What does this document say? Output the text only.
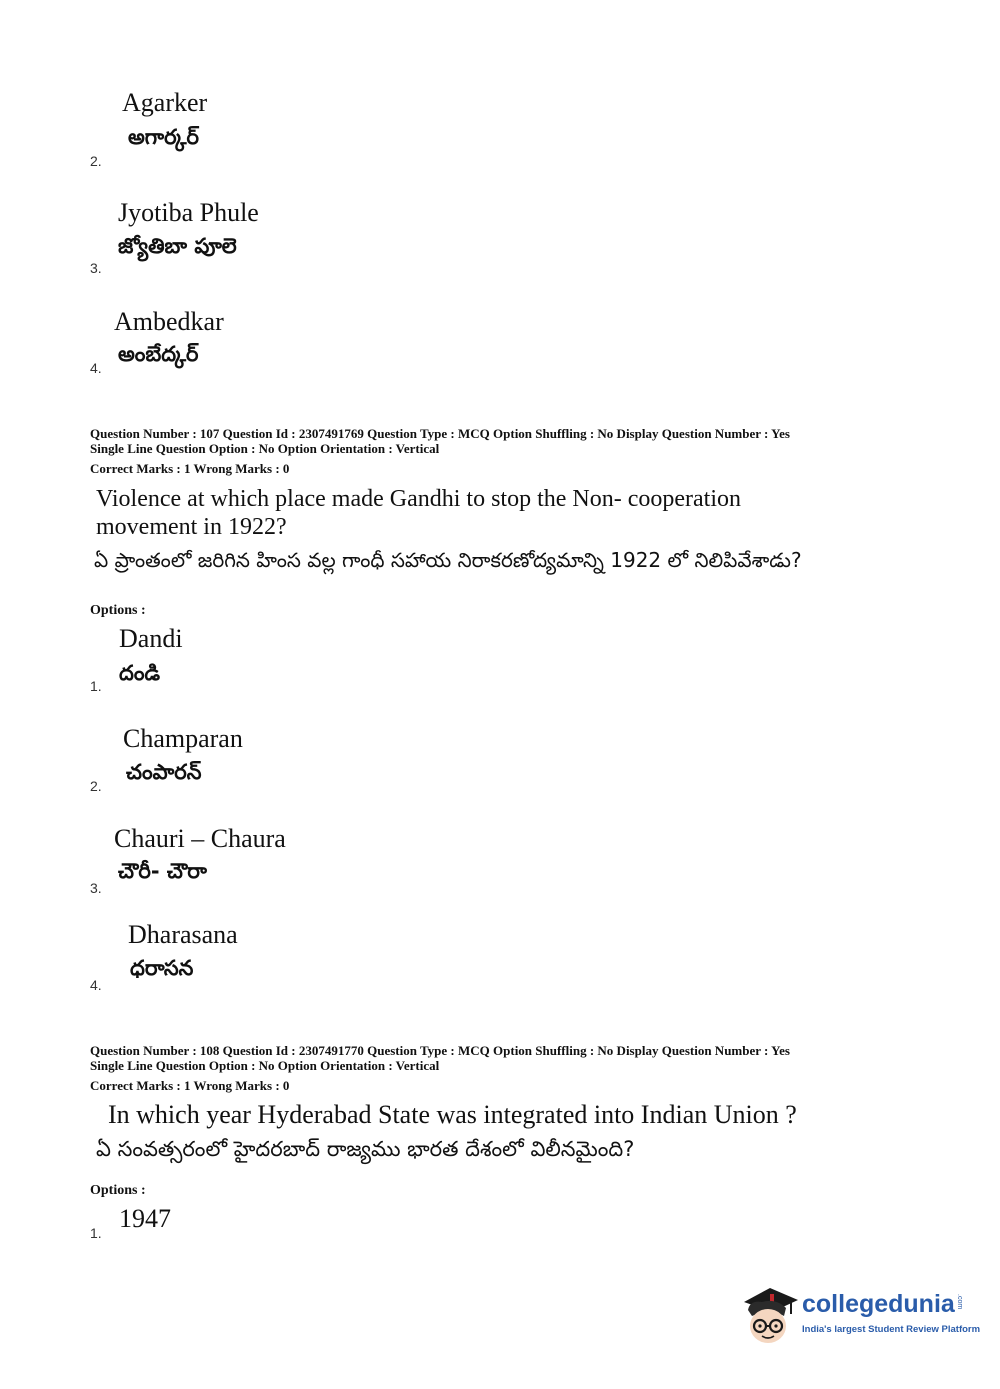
Agarker
అగార్కర్
2.
Jyotiba Phule
జ్యోతిబా పూలె
3.
Ambedkar
అంబేద్కర్
4.
Question Number : 107 Question Id : 2307491769 Question Type : MCQ Option Shuffling : No Display Question Number : Yes
Single Line Question Option : No Option Orientation : Vertical
Correct Marks : 1 Wrong Marks : 0
Violence at which place made Gandhi to stop the Non- cooperation
movement in 1922?
ఏ ప్రాంతంలో జరిగిన హింస వల్ల గాంధీ సహాయ నిరాకరణోద్యమాన్ని 1922 లో నిలిపివేశాడు?
Options :
Dandi
దండి
1.
Champaran
చంపారన్
2.
Chauri – Chaura
చౌరీ- చౌరా
3.
Dharasana
ధరాసన
4.
Question Number : 108 Question Id : 2307491770 Question Type : MCQ Option Shuffling : No Display Question Number : Yes
Single Line Question Option : No Option Orientation : Vertical
Correct Marks : 1 Wrong Marks : 0
In which year Hyderabad State was integrated into Indian Union ?
ఏ సంవత్సరంలో హైదరబాద్ రాజ్యము భారత దేశంలో విలీనమైంది?
Options :
1947
1.
collegedunia .com
India's largest Student Review Platform
